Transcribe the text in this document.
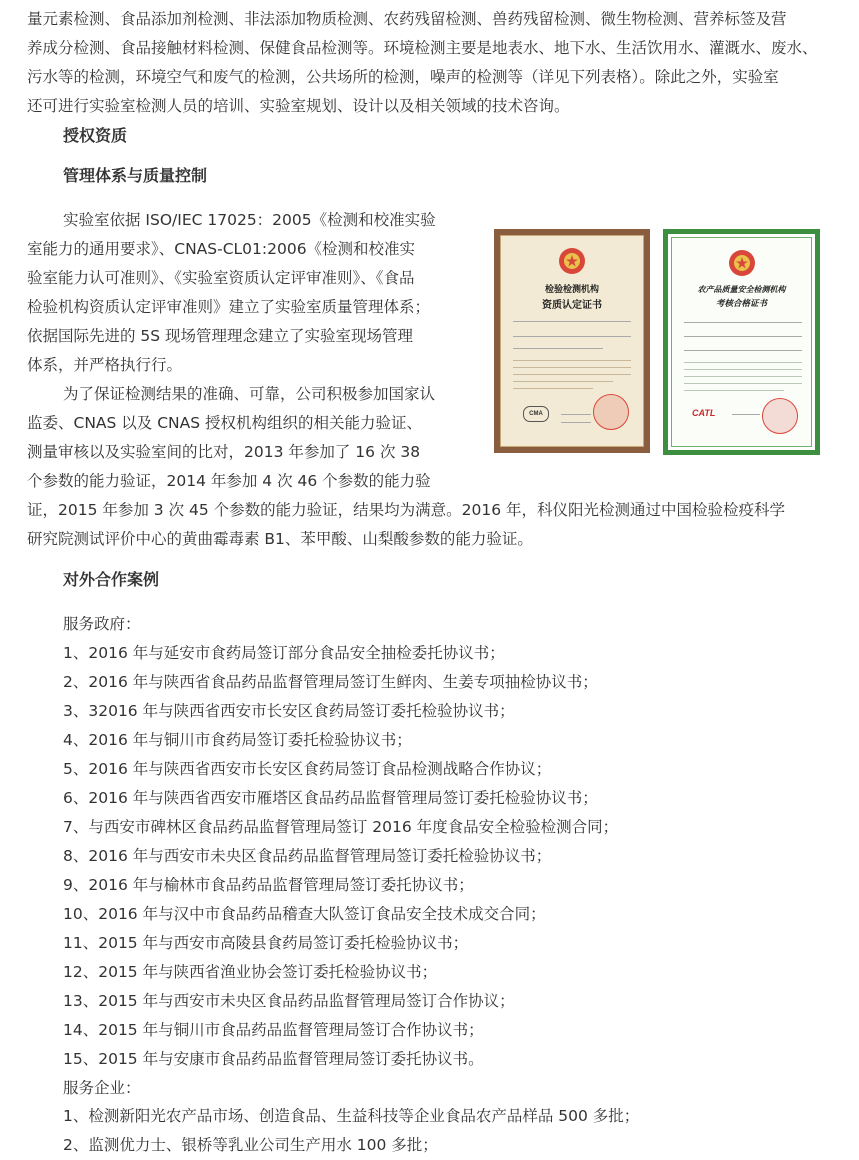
量元素检测、食品添加剂检测、非法添加物质检测、农药残留检测、兽药残留检测、微生物检测、营养标签及营

养成分检测、食品接触材料检测、保健食品检测等。环境检测主要是地表水、地下水、生活饮用水、灌溉水、废水、

污水等的检测，环境空气和废气的检测，公共场所的检测，噪声的检测等（详见下列表格）。除此之外，实验室

还可进行实验室检测人员的培训、实验室规划、设计以及相关领域的技术咨询。

授权资质
管理体系与质量控制

实验室依据 ISO/IEC 17025：2005《检测和校准实验

室能力的通用要求》、CNAS-CL01:2006《检测和校准实

验室能力认可准则》、《实验室资质认定评审准则》、《食品

检验机构资质认定评审准则》建立了实验室质量管理体系；

依据国际先进的 5S 现场管理理念建立了实验室现场管理

体系，并严格执行行。

为了保证检测结果的准确、可靠，公司积极参加国家认

监委、CNAS 以及 CNAS 授权机构组织的相关能力验证、

测量审核以及实验室间的比对，2013 年参加了 16 次 38

个参数的能力验证，2014 年参加 4 次 46 个参数的能力验

证，2015 年参加 3 次 45 个参数的能力验证，结果均为满意。2016 年，科仪阳光检测通过中国检验检疫科学

研究院测试评价中心的黄曲霉毒素 B1、苯甲酸、山梨酸参数的能力验证。

检验检测机构
资质认定证书
CMA
农产品质量安全检测机构
考核合格证书
CATL
对外合作案例
服务政府：
1、2016 年与延安市食药局签订部分食品安全抽检委托协议书；
2、2016 年与陕西省食品药品监督管理局签订生鲜肉、生姜专项抽检协议书；
3、32016 年与陕西省西安市长安区食药局签订委托检验协议书；
4、2016 年与铜川市食药局签订委托检验协议书；
5、2016 年与陕西省西安市长安区食药局签订食品检测战略合作协议；
6、2016 年与陕西省西安市雁塔区食品药品监督管理局签订委托检验协议书；
7、与西安市碑林区食品药品监督管理局签订 2016 年度食品安全检验检测合同；
8、2016 年与西安市未央区食品药品监督管理局签订委托检验协议书；
9、2016 年与榆林市食品药品监督管理局签订委托协议书；
10、2016 年与汉中市食品药品稽查大队签订食品安全技术成交合同；
11、2015 年与西安市高陵县食药局签订委托检验协议书；
12、2015 年与陕西省渔业协会签订委托检验协议书；
13、2015 年与西安市未央区食品药品监督管理局签订合作协议；
14、2015 年与铜川市食品药品监督管理局签订合作协议书；
15、2015 年与安康市食品药品监督管理局签订委托协议书。
服务企业：
1、检测新阳光农产品市场、创造食品、生益科技等企业食品农产品样品 500 多批；
2、监测优力士、银桥等乳业公司生产用水 100 多批；
